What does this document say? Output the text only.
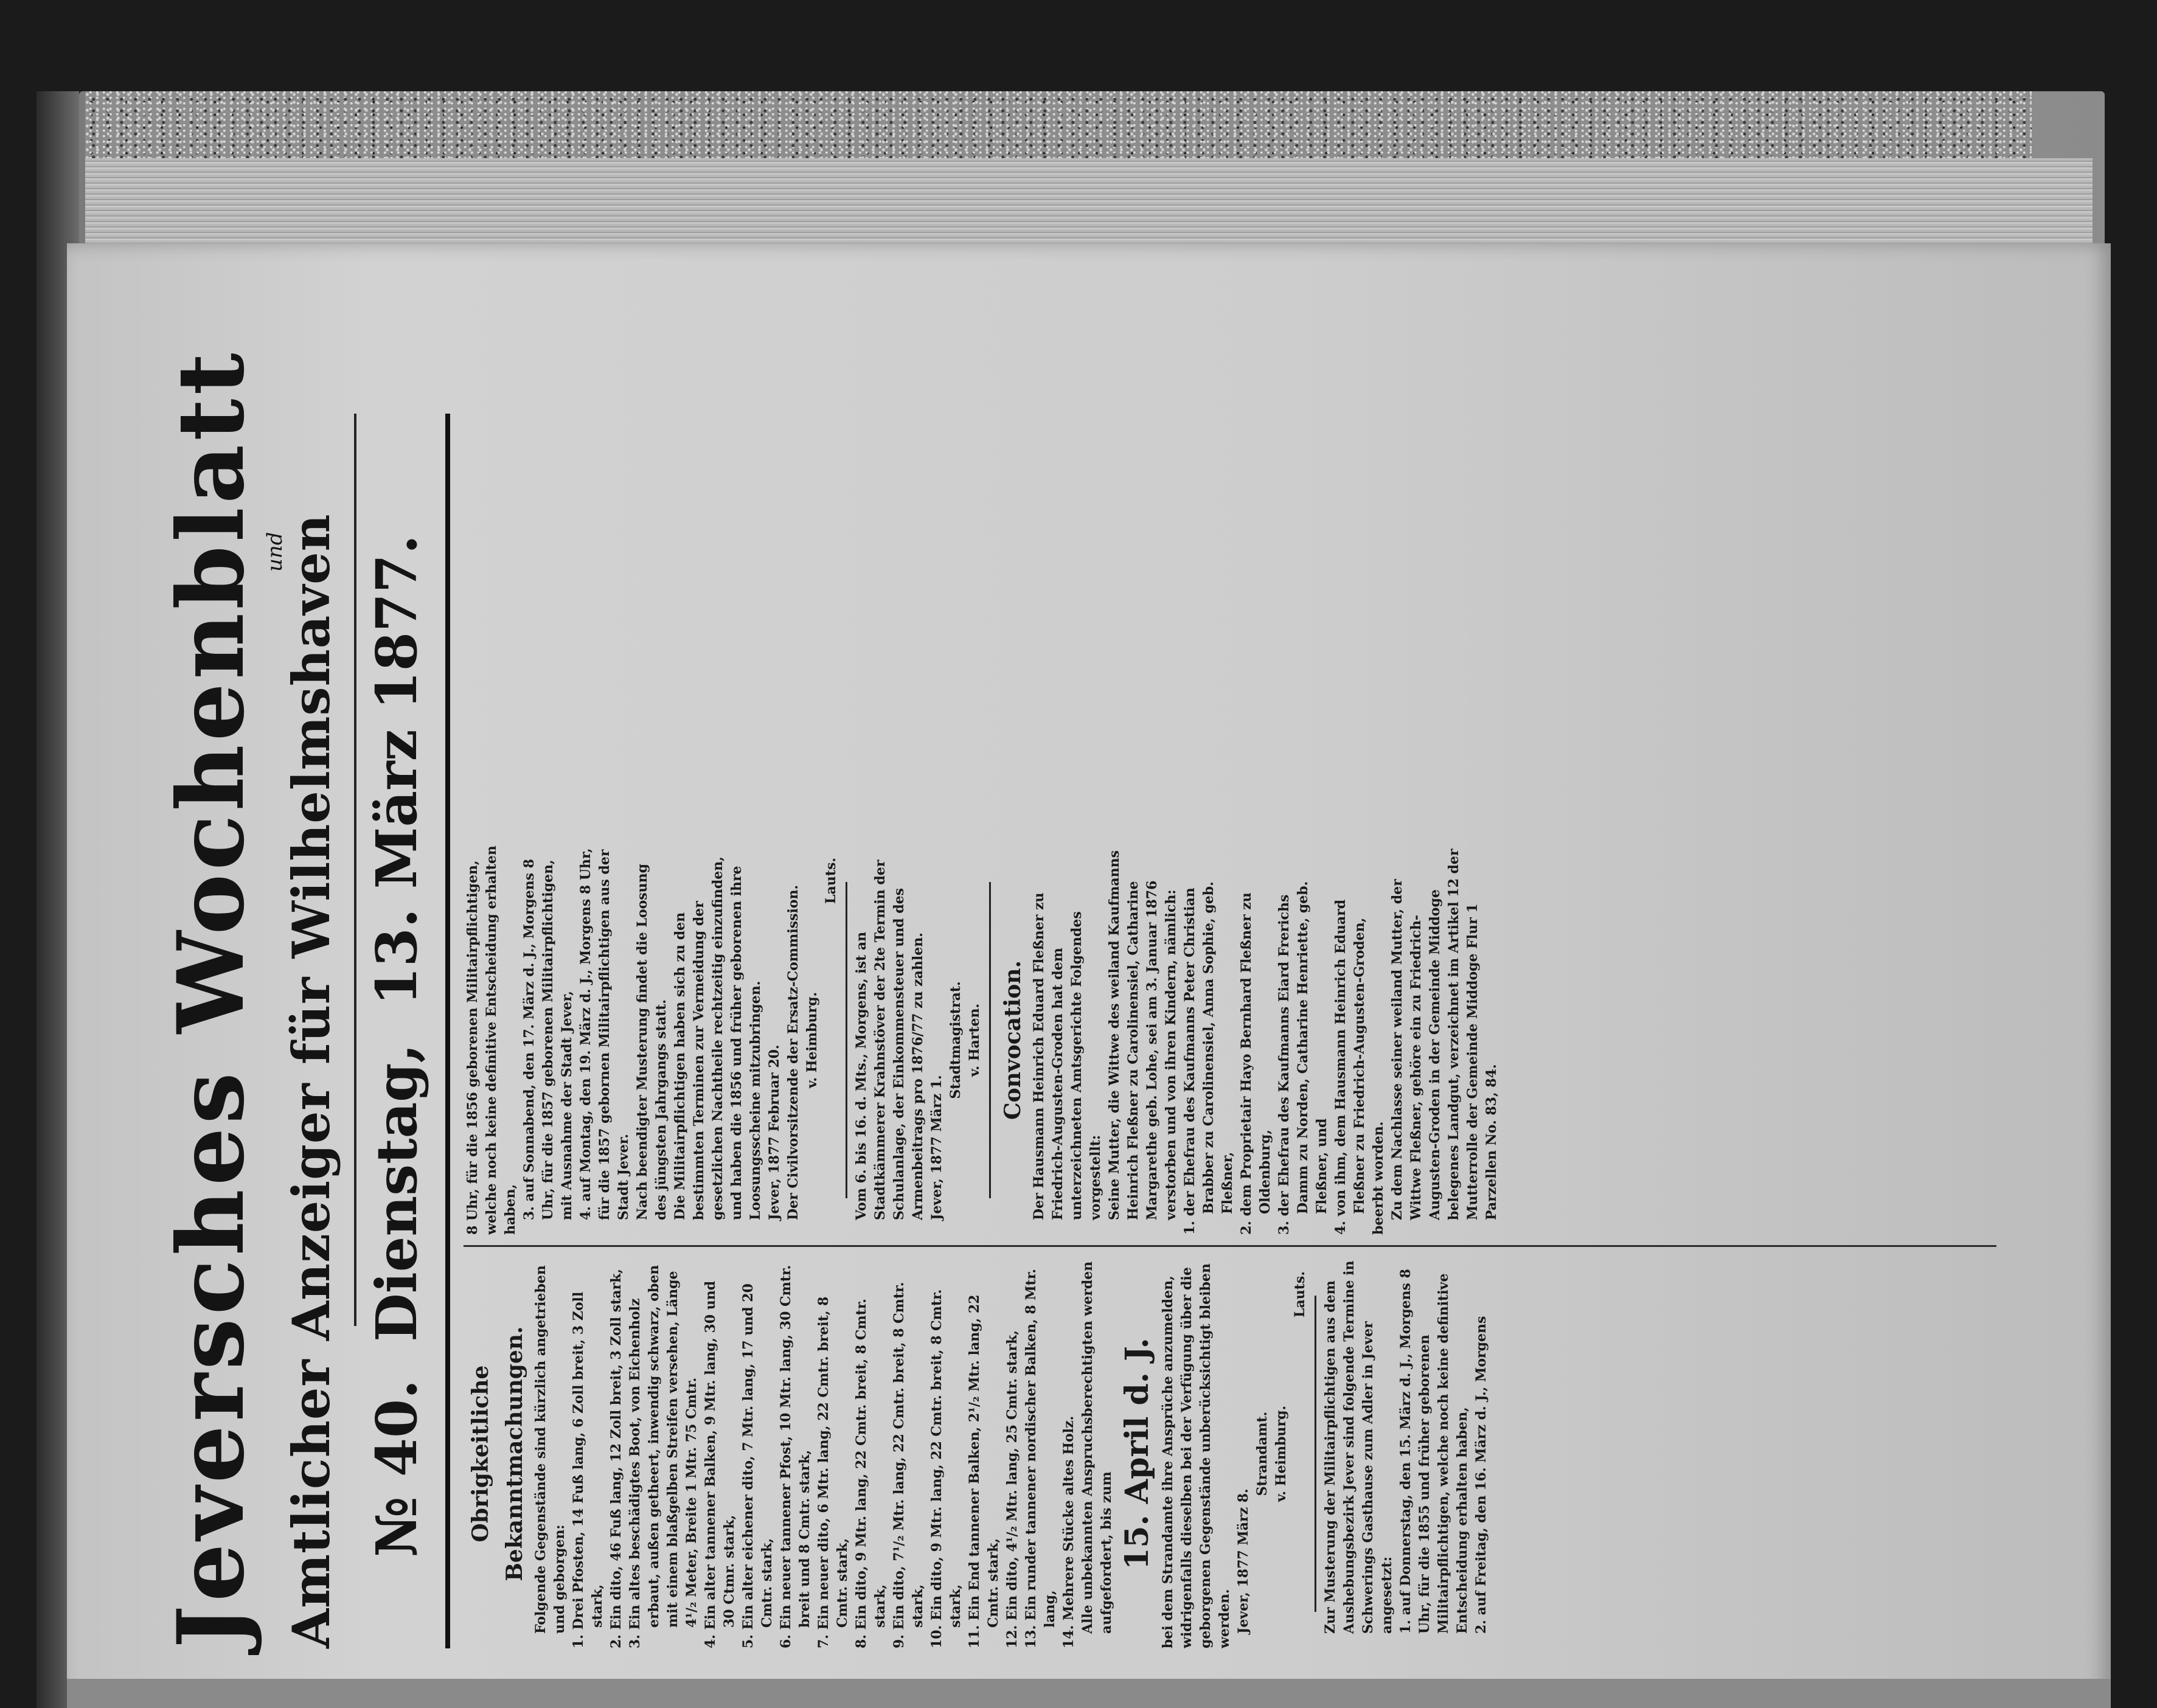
Jeversches Wochenblatt
und
Amtlicher Anzeiger für Wilhelmshaven № 40. Dienstag, 13. März 1877.

Obrigkeitliche Bekanntmachungen. Folgende Gegenstände sind kürzlich angetrieben und geborgen: 1. Drei Pfosten, 14 Fuß lang, 6 Zoll breit, 3 Zoll stark, 2. Ein dito, 46 Fuß lang, 12 Zoll breit, 3 Zoll stark, 3. Ein altes beschädigtes Boot, von Eichenholz erbaut, außen getheert, inwendig schwarz, oben mit einem blaßgelben Streifen versehen, Länge 4¹/₂ Meter, Breite 1 Mtr. 75 Cmtr. 4. Ein alter tannener Balken, 9 Mtr. lang, 30 und 30 Ctmr. stark, 5. Ein alter eichener dito, 7 Mtr. lang, 17 und 20 Cmtr. stark, 6. Ein neuer tannener Pfost, 10 Mtr. lang, 30 Cmtr. breit und 8 Cmtr. stark, 7. Ein neuer dito, 6 Mtr. lang, 22 Cmtr. breit, 8 Cmtr. stark, 8. Ein dito, 9 Mtr. lang, 22 Cmtr. breit, 8 Cmtr. stark, 9. Ein dito, 7¹/₂ Mtr. lang, 22 Cmtr. breit, 8 Cmtr. stark, 10. Ein dito, 9 Mtr. lang, 22 Cmtr. breit, 8 Cmtr. stark, 11. Ein End tannener Balken, 2¹/₂ Mtr. lang, 22 Cmtr. stark, 12. Ein dito, 4¹/₂ Mtr. lang, 25 Cmtr. stark, 13. Ein runder tannener nordischer Balken, 8 Mtr. lang, 14. Mehrere Stücke altes Holz. Alle unbekannten Anspruchsberechtigten werden aufgefordert, bis zum 15. April d. J. bei dem Strandamte ihre Ansprüche anzumelden, widrigenfalls dieselben bei der Verfügung über die geborgenen Gegenstände unberücksichtigt bleiben werden. Jever, 1877 März 8.

Strandamt. v. Heimburg.

Lauts. Zur Musterung der Militairpflichtigen aus dem Aushebungsbezirk Jever sind folgende Termine in Schwerings Gasthause zum Adler in Jever angesetzt: 1. auf Donnerstag, den 15. März d. J., Morgens 8 Uhr, für die 1855 und früher geborenen Militairpflichtigen, welche noch keine definitive Entscheidung erhalten haben, 2. auf Freitag, den 16. März d. J., Morgens

8 Uhr, für die 1856 geborenen Militairpflichtigen, welche noch keine definitive Entscheidung erhalten haben, 3. auf Sonnabend, den 17. März d. J., Morgens 8 Uhr, für die 1857 geborenen Militairpflichtigen, mit Ausnahme der Stadt Jever, 4. auf Montag, den 19. März d. J., Morgens 8 Uhr, für die 1857 gebornen Militairpflichtigen aus der Stadt Jever. Nach beendigter Musterung findet die Loosung des jüngsten Jahrgangs statt. Die Militairpflichtigen haben sich zu den bestimmten Terminen zur Vermeidung der gesetzlichen Nachtheile rechtzeitig einzufinden, und haben die 1856 und früher geborenen ihre Loosungsscheine mitzubringen. Jever, 1877 Februar 20. Der Civilvorsitzende der Ersatz-Commission. v. Heimburg.

Lauts.

Vom 6. bis 16. d. Mts., Morgens, ist an Stadtkämmerer Krahnstöver der 2te Termin der Schulanlage, der Einkommensteuer und des Armenbeitrags pro 1876/77 zu zahlen. Jever, 1877 März 1.

Stadtmagistrat. v. Harten. Convocation. Der Hausmann Heinrich Eduard Fleßner zu Friedrich-Augusten-Groden hat dem unterzeichneten Amtsgerichte Folgendes vorgestellt: Seine Mutter, die Wittwe des weiland Kaufmanns Heinrich Fleßner zu Carolinensiel, Catharine Margarethe geb. Lohe, sei am 3. Januar 1876 verstorben und von ihren Kindern, nämlich: 1. der Ehefrau des Kaufmanns Peter Christian Brabber zu Carolinensiel, Anna Sophie, geb. Fleßner, 2. dem Proprietair Hayo Bernhard Fleßner zu Oldenburg, 3. der Ehefrau des Kaufmanns Eiard Frerichs Damm zu Norden, Catharine Henriette, geb. Fleßner, und 4. von ihm, dem Hausmann Heinrich Eduard Fleßner zu Friedrich-Augusten-Groden, beerbt worden. Zu dem Nachlasse seiner weiland Mutter, der Wittwe Fleßner, gehöre ein zu Friedrich-Augusten-Groden in der Gemeinde Middoge belegenes Landgut, verzeichnet im Artikel 12 der Mutterrolle der Gemeinde Middoge Flur 1 Parzellen No. 83, 84.
